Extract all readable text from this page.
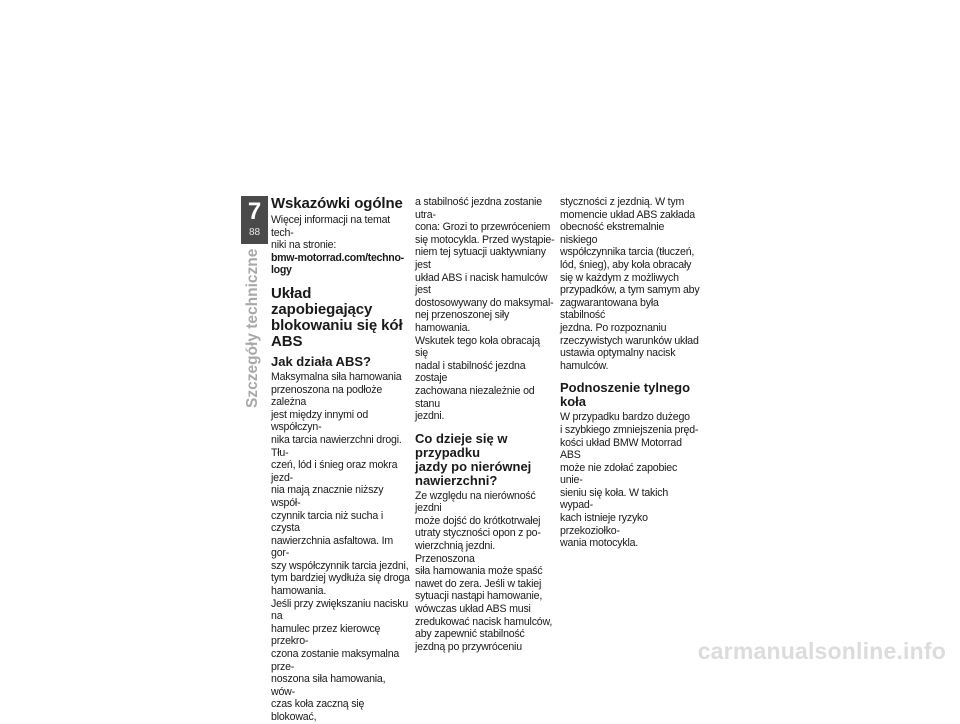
7
88
Szczegóły techniczne
Wskazówki ogólne

Więcej informacji na temat tech-
niki na stronie:

bmw-motorrad.com/techno-
logy

Układ zapobiegający
blokowaniu się kół ABS
Jak działa ABS?

Maksymalna siła hamowania
przenoszona na podłoże zależna
jest między innymi od współczyn-
nika tarcia nawierzchni drogi. Tłu-
czeń, lód i śnieg oraz mokra jezd-
nia mają znacznie niższy współ-
czynnik tarcia niż sucha i czysta
nawierzchnia asfaltowa. Im gor-
szy współczynnik tarcia jezdni,
tym bardziej wydłuża się droga
hamowania.
Jeśli przy zwiększaniu nacisku na
hamulec przez kierowcę przekro-
czona zostanie maksymalna prze-
noszona siła hamowania, wów-
czas koła zaczną się blokować,

a stabilność jezdna zostanie utra-
cona: Grozi to przewróceniem
się motocykla. Przed wystąpie-
niem tej sytuacji uaktywniany jest
układ ABS i nacisk hamulców jest
dostosowywany do maksymal-
nej przenoszonej siły hamowania.
Wskutek tego koła obracają się
nadal i stabilność jezdna zostaje
zachowana niezależnie od stanu
jezdni.

Co dzieje się w przypadku
jazdy po nierównej
nawierzchni?

Ze względu na nierówność jezdni
może dojść do krótkotrwałej
utraty styczności opon z po-
wierzchnią jezdni. Przenoszona
siła hamowania może spaść
nawet do zera. Jeśli w takiej
sytuacji nastąpi hamowanie,
wówczas układ ABS musi
zredukować nacisk hamulców,
aby zapewnić stabilność
jezdną po przywróceniu

styczności z jezdnią. W tym
momencie układ ABS zakłada
obecność ekstremalnie niskiego
współczynnika tarcia (tłuczeń,
lód, śnieg), aby koła obracały
się w każdym z możliwych
przypadków, a tym samym aby
zagwarantowana była stabilność
jezdna. Po rozpoznaniu
rzeczywistych warunków układ
ustawia optymalny nacisk
hamulców.

Podnoszenie tylnego koła

W przypadku bardzo dużego
i szybkiego zmniejszenia pręd-
kości układ BMW Motorrad ABS
może nie zdołać zapobiec unie-
sieniu się koła. W takich wypad-
kach istnieje ryzyko przekoziołko-
wania motocykla.

carmanualsonline.info
